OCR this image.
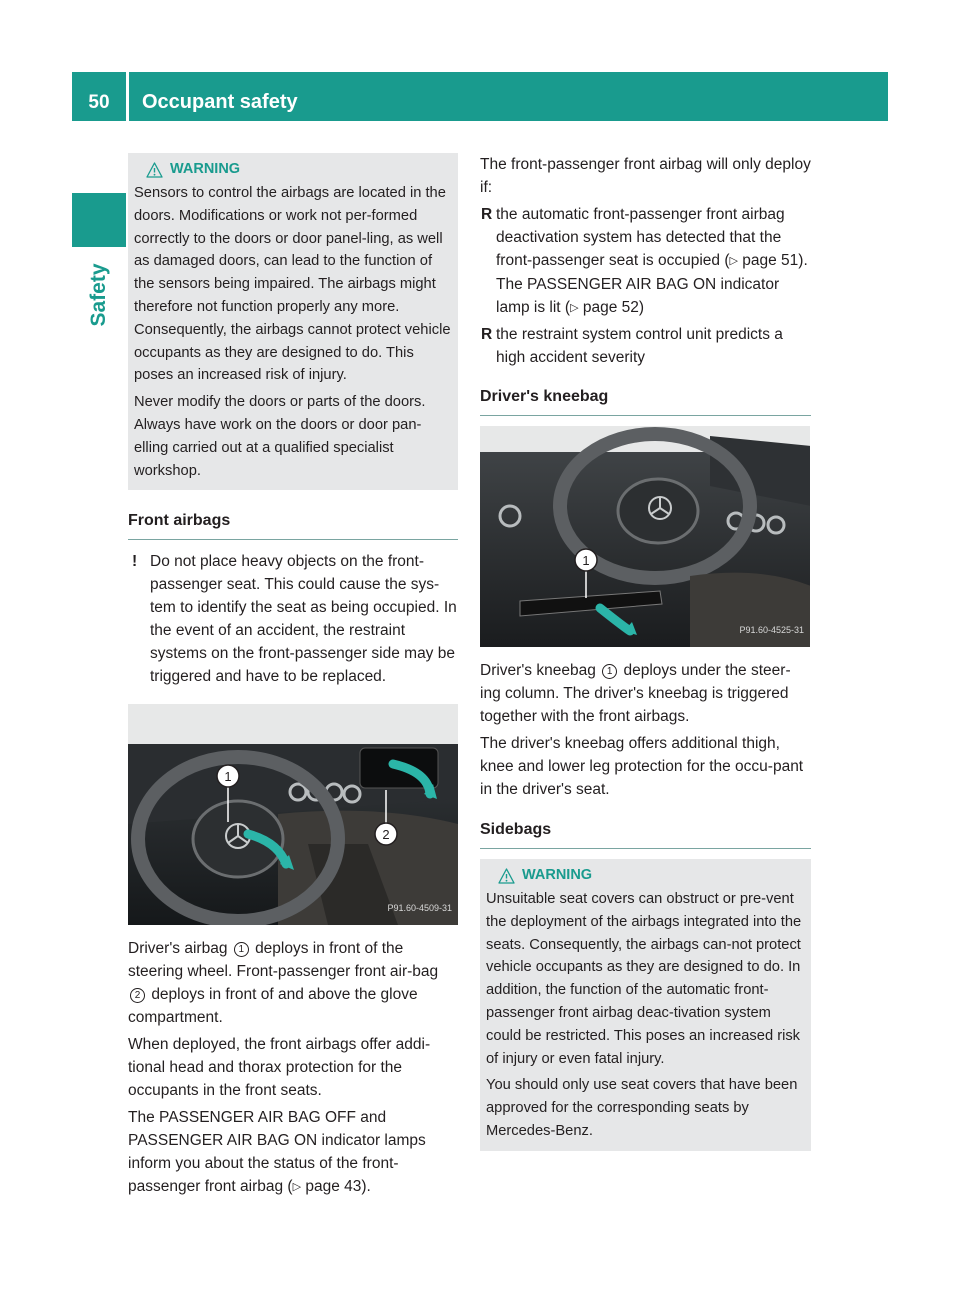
50	Occupant safety
Safety
WARNING

Sensors to control the airbags are located in the doors. Modifications or work not per-formed correctly to the doors or door panel-ling, as well as damaged doors, can lead to the function of the sensors being impaired. The airbags might therefore not function properly any more. Consequently, the airbags cannot protect vehicle occupants as they are designed to do. This poses an increased risk of injury.

Never modify the doors or parts of the doors. Always have work on the doors or door pan-elling carried out at a qualified specialist workshop.

Front airbags
! Do not place heavy objects on the front-passenger seat. This could cause the sys-tem to identify the seat as being occupied. In the event of an accident, the restraint systems on the front-passenger side may be triggered and have to be replaced.
1
2
P91.60-4509-31

Driver's airbag 1 deploys in front of the steering wheel. Front-passenger front air-bag 2 deploys in front of and above the glove compartment.

When deployed, the front airbags offer addi-tional head and thorax protection for the occupants in the front seats.

The PASSENGER AIR BAG OFF and PASSENGER AIR BAG ON indicator lamps inform you about the status of the front-passenger front airbag (▷ page 43).

The front-passenger front airbag will only deploy if:

R the automatic front-passenger front airbag deactivation system has detected that the front-passenger seat is occupied (▷ page 51). The PASSENGER AIR BAG ON indicator lamp is lit (▷ page 52)
R the restraint system control unit predicts a high accident severity
Driver's kneebag
1
P91.60-4525-31

Driver's kneebag 1 deploys under the steer-ing column. The driver's kneebag is triggered together with the front airbags.

The driver's kneebag offers additional thigh, knee and lower leg protection for the occu-pant in the driver's seat.

Sidebags
WARNING

Unsuitable seat covers can obstruct or pre-vent the deployment of the airbags integrated into the seats. Consequently, the airbags can-not protect vehicle occupants as they are designed to do. In addition, the function of the automatic front-passenger front airbag deac-tivation system could be restricted. This poses an increased risk of injury or even fatal injury.

You should only use seat covers that have been approved for the corresponding seats by Mercedes-Benz.
